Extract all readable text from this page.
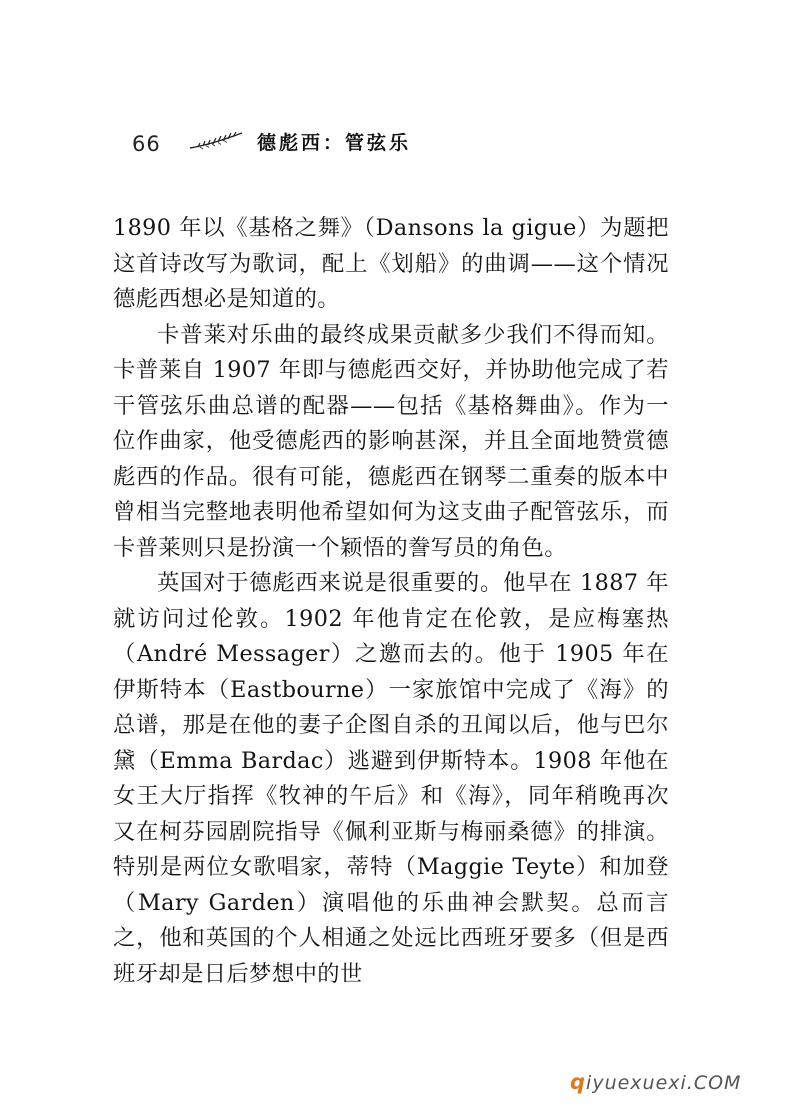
66	德彪西：管弦乐

1890 年以《基格之舞》（Dansons la gigue）为题把这首诗改写为歌词，配上《划船》的曲调——这个情况德彪西想必是知道的。

卡普莱对乐曲的最终成果贡献多少我们不得而知。卡普莱自 1907 年即与德彪西交好，并协助他完成了若干管弦乐曲总谱的配器——包括《基格舞曲》。作为一位作曲家，他受德彪西的影响甚深，并且全面地赞赏德彪西的作品。很有可能，德彪西在钢琴二重奏的版本中曾相当完整地表明他希望如何为这支曲子配管弦乐，而卡普莱则只是扮演一个颖悟的誊写员的角色。

英国对于德彪西来说是很重要的。他早在 1887 年就访问过伦敦。1902 年他肯定在伦敦，是应梅塞热（André Messager）之邀而去的。他于 1905 年在伊斯特本（Eastbourne）一家旅馆中完成了《海》的总谱，那是在他的妻子企图自杀的丑闻以后，他与巴尔黛（Emma Bardac）逃避到伊斯特本。1908 年他在女王大厅指挥《牧神的午后》和《海》，同年稍晚再次又在柯芬园剧院指导《佩利亚斯与梅丽桑德》的排演。特别是两位女歌唱家，蒂特（Maggie Teyte）和加登（Mary Garden）演唱他的乐曲神会默契。总而言之，他和英国的个人相通之处远比西班牙要多（但是西班牙却是日后梦想中的世

qiyuexuexi.COM
